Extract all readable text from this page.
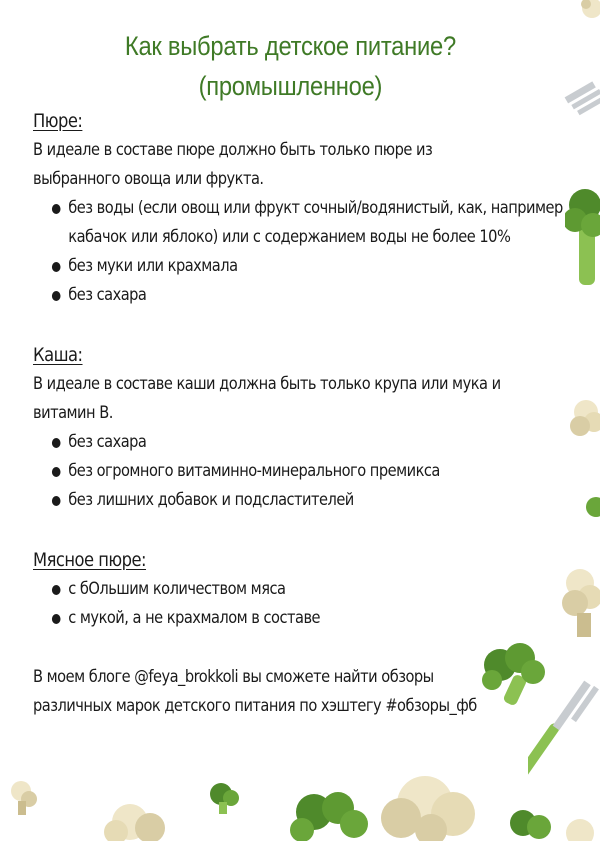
Как выбрать детское питание?
(промышленное)

Пюре:

В идеале в составе пюре должно быть только пюре из выбранного овоща или фрукта.

без воды (если овощ или фрукт сочный/водянистый, как, например кабачок или яблоко) или с содержанием воды не более 10%
без муки или крахмала
без сахара

Каша:

В идеале в составе каши должна быть только крупа или мука и витамин В.

без сахара
без огромного витаминно-минерального премикса
без лишних добавок и подсластителей

Мясное пюре:

с бОльшим количеством мяса
с мукой, а не крахмалом в составе

В моем блоге @feya_brokkoli вы сможете найти обзоры различных марок детского питания по хэштегу #обзоры_фб
